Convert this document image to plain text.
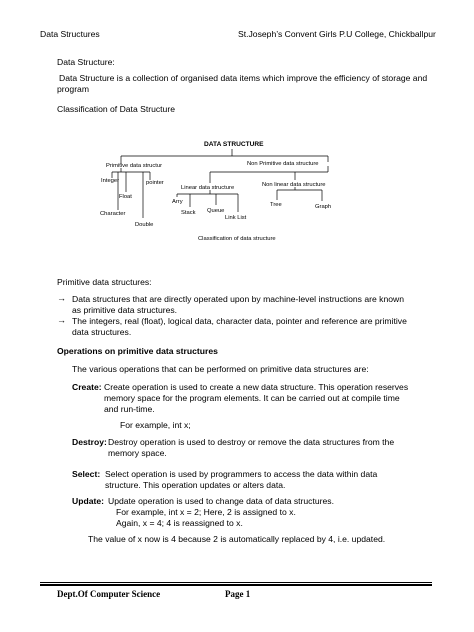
Data Structures	St.Joseph’s Convent Girls P.U College, Chickballpur
Data Structure:
Data Structure is a collection of organised data items which improve the efficiency of storage and
program
Classification of Data Structure
DATA STRUCTURE
Primitive data structur	Non Primitive data structure
Integer	pointer
Float
Character
Double
Linear data structure	Non linear data structure
Arry
Stack Queue
Link List
Tree	Graph
Classification of data structure
Primitive data structures:
→ Data structures that are directly operated upon by machine-level instructions are known
as primitive data structures.
→ The integers, real (float), logical data, character data, pointer and reference are primitive
data structures.
Operations on primitive data structures
The various operations that can be performed on primitive data structures are:
Create: Create operation is used to create a new data structure. This operation reserves
memory space for the program elements. It can be carried out at compile time
and run-time.
For example, int x;
Destroy: Destroy operation is used to destroy or remove the data structures from the
memory space.
Select: Select operation is used by programmers to access the data within data
structure. This operation updates or alters data.
Update: Update operation is used to change data of data structures.
For example, int x = 2; Here, 2 is assigned to x.
Again, x = 4; 4 is reassigned to x.
The value of x now is 4 because 2 is automatically replaced by 4, i.e. updated.
Dept.Of Computer Science	Page 1
